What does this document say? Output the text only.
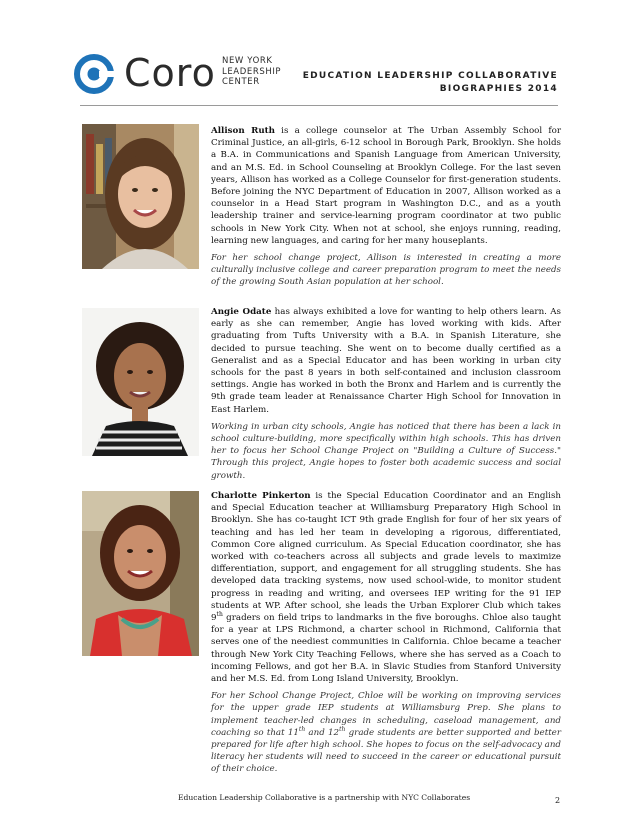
Coro NEW YORK
LEADERSHIP
CENTER
EDUCATION LEADERSHIP COLLABORATIVE
BIOGRAPHIES 2014

Allison Ruth is a college counselor at The Urban Assembly School for Criminal Justice, an all-girls, 6-12 school in Borough Park, Brooklyn. She holds a B.A. in Communications and Spanish Language from American University, and an M.S. Ed. in School Counseling at Brooklyn College. For the last seven years, Allison has worked as a College Counselor for first-generation students. Before joining the NYC Department of Education in 2007, Allison worked as a counselor in a Head Start program in Washington D.C., and as a youth leadership trainer and service-learning program coordinator at two public schools in New York City. When not at school, she enjoys running, reading, learning new languages, and caring for her many houseplants.

For her school change project, Allison is interested in creating a more culturally inclusive college and career preparation program to meet the needs of the growing South Asian population at her school.

Angie Odate has always exhibited a love for wanting to help others learn. As early as she can remember, Angie has loved working with kids. After graduating from Tufts University with a B.A. in Spanish Literature, she decided to pursue teaching. She went on to become dually certified as a Generalist and as a Special Educator and has been working in urban city schools for the past 8 years in both self-contained and inclusion classroom settings. Angie has worked in both the Bronx and Harlem and is currently the 9th grade team leader at Renaissance Charter High School for Innovation in East Harlem.

Working in urban city schools, Angie has noticed that there has been a lack in school culture-building, more specifically within high schools. This has driven her to focus her School Change Project on "Building a Culture of Success." Through this project, Angie hopes to foster both academic success and social growth.

Charlotte Pinkerton is the Special Education Coordinator and an English and Special Education teacher at Williamsburg Preparatory High School in Brooklyn. She has co-taught ICT 9th grade English for four of her six years of teaching and has led her team in developing a rigorous, differentiated, Common Core aligned curriculum. As Special Education coordinator, she has worked with co-teachers across all subjects and grade levels to maximize differentiation, support, and engagement for all struggling students. She has developed data tracking systems, now used school-wide, to monitor student progress in reading and writing, and oversees IEP writing for the 91 IEP students at WP. After school, she leads the Urban Explorer Club which takes 9th graders on field trips to landmarks in the five boroughs. Chloe also taught for a year at LPS Richmond, a charter school in Richmond, California that serves one of the neediest communities in California. Chloe became a teacher through New York City Teaching Fellows, where she has served as a Coach to incoming Fellows, and got her B.A. in Slavic Studies from Stanford University and her M.S. Ed. from Long Island University, Brooklyn.

For her School Change Project, Chloe will be working on improving services for the upper grade IEP students at Williamsburg Prep. She plans to implement teacher-led changes in scheduling, caseload management, and coaching so that 11th and 12th grade students are better supported and better prepared for life after high school. She hopes to focus on the self-advocacy and literacy her students will need to succeed in the career or educational pursuit of their choice.

Education Leadership Collaborative is a partnership with NYC Collaborates	2
